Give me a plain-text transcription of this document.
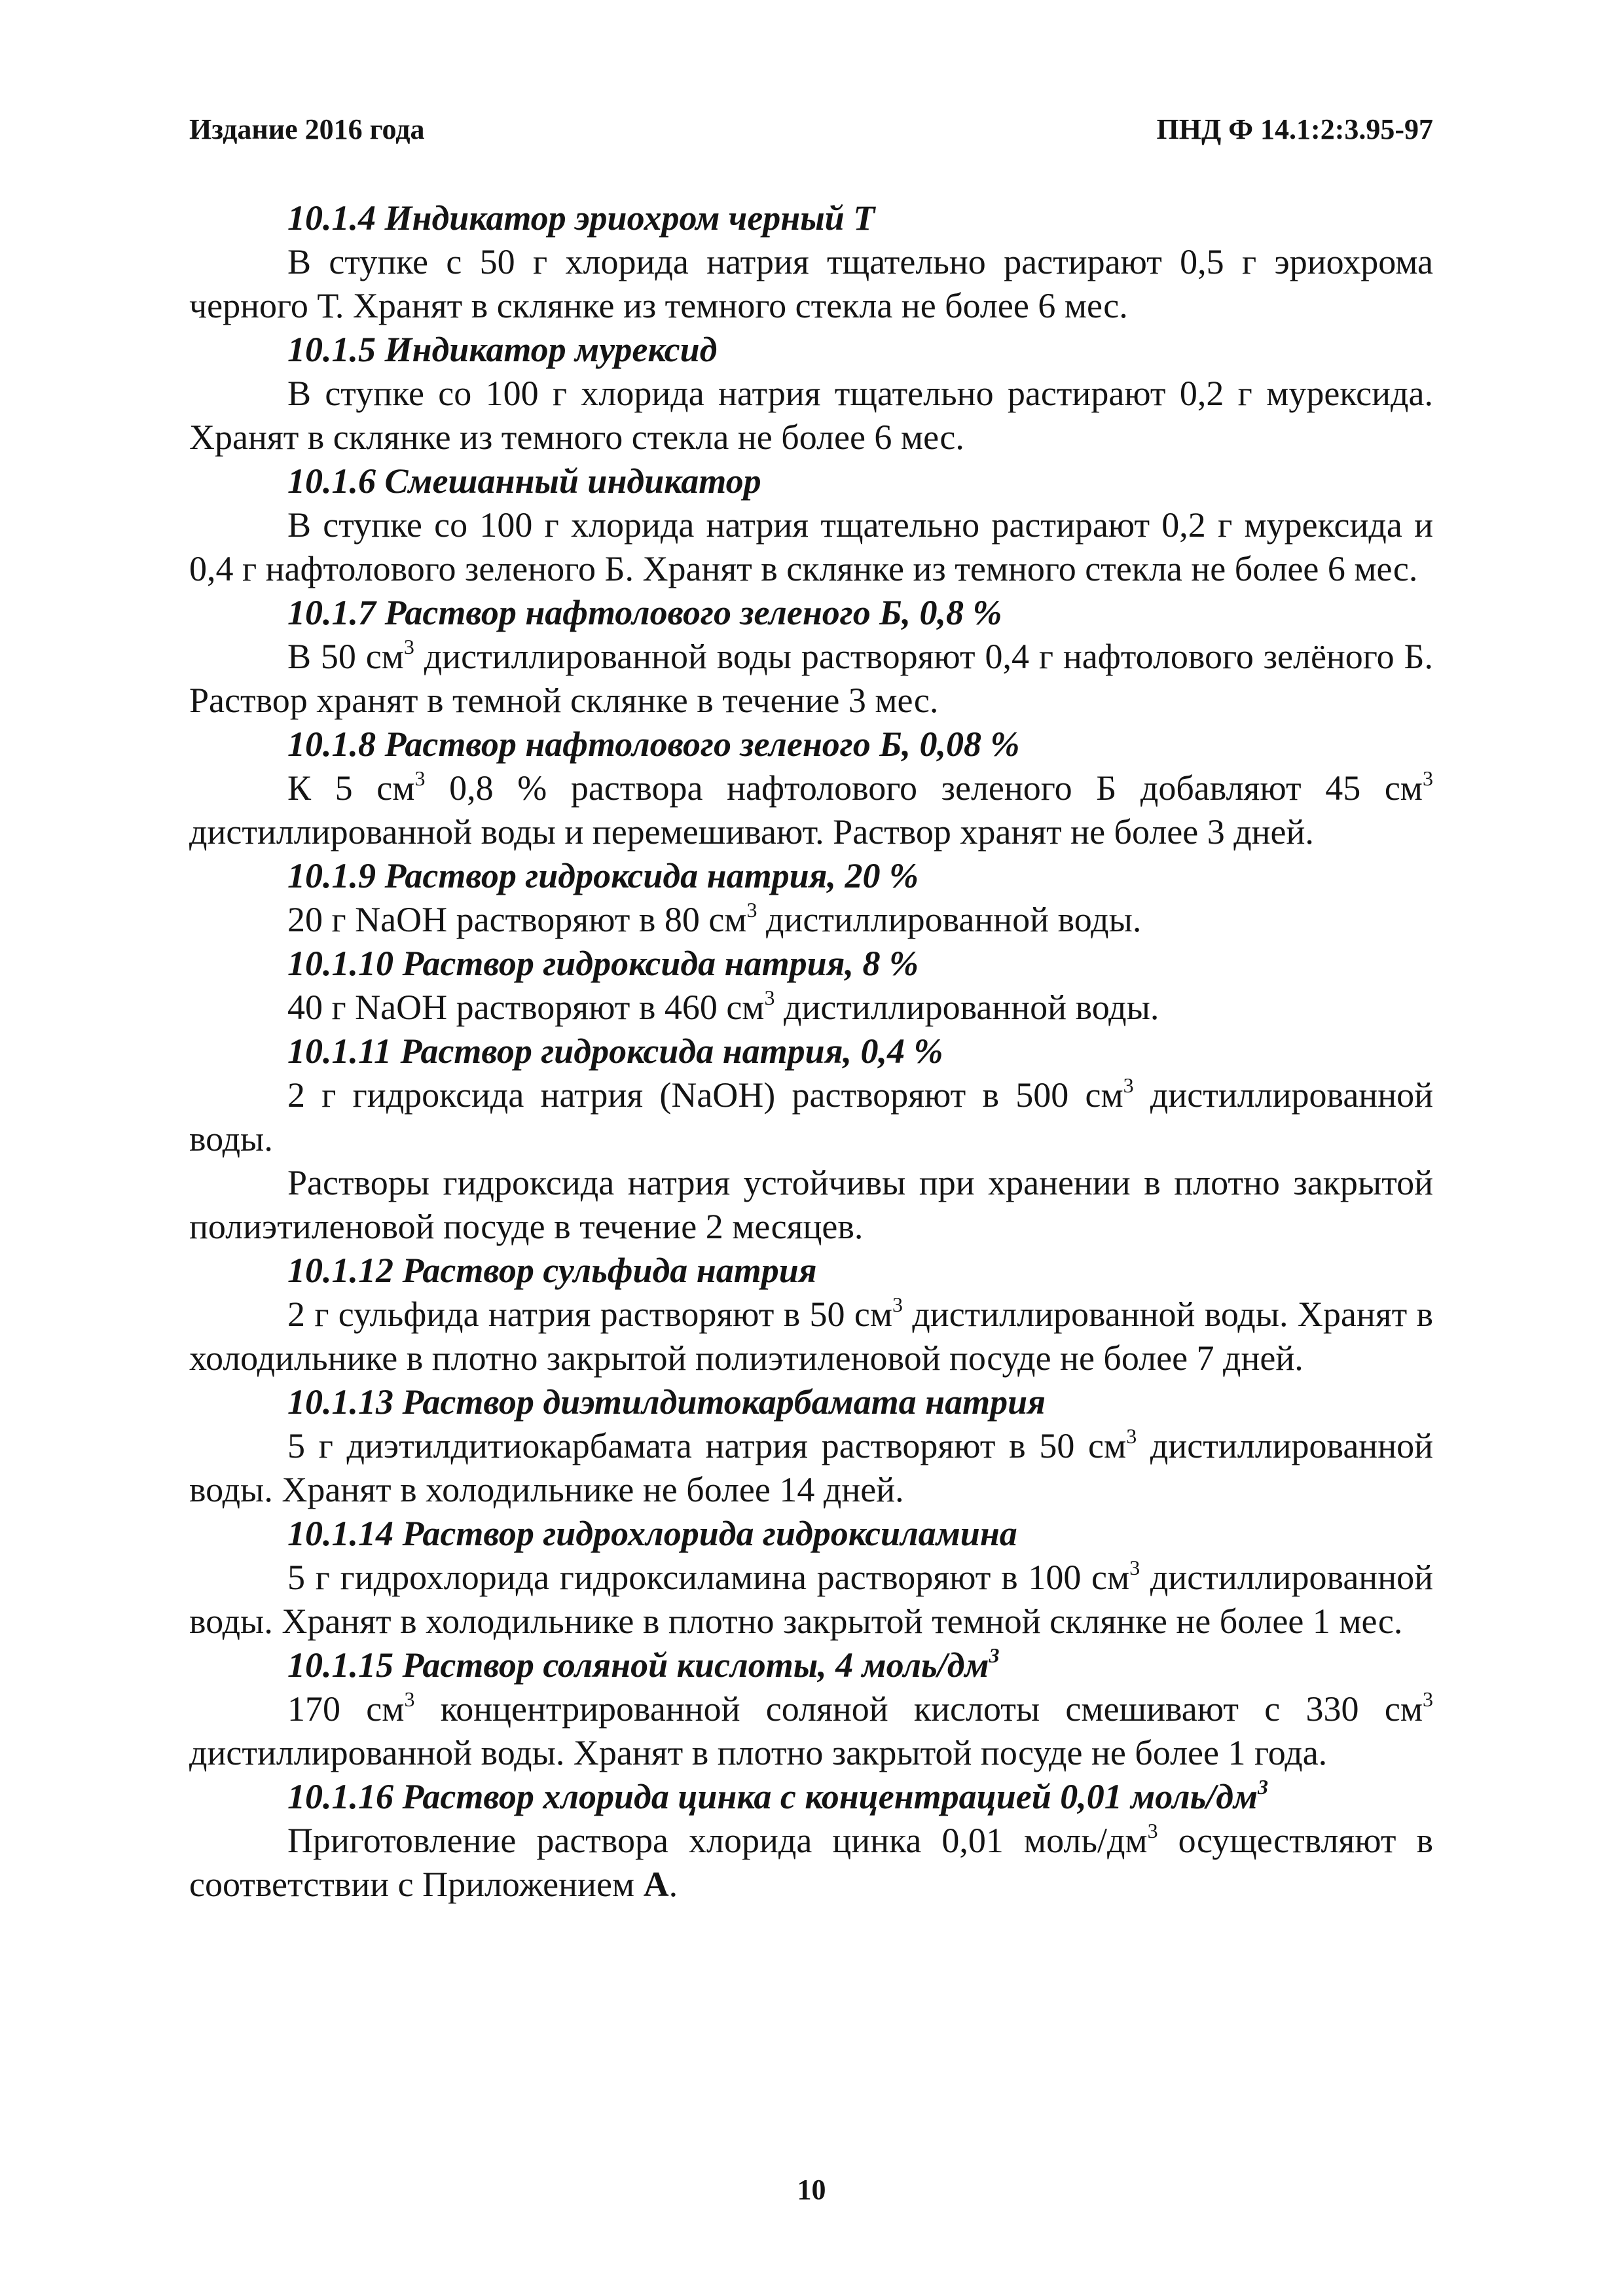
Издание 2016 года	ПНД Ф 14.1:2:3.95-97

10.1.4 Индикатор эриохром черный Т

В ступке с 50 г хлорида натрия тщательно растирают 0,5 г эриохрома черного Т. Хранят в склянке из темного стекла не более 6 мес.

10.1.5 Индикатор мурексид

В ступке со 100 г хлорида натрия тщательно растирают 0,2 г мурексида. Хранят в склянке из темного стекла не более 6 мес.

10.1.6 Смешанный индикатор

В ступке со 100 г хлорида натрия тщательно растирают 0,2 г мурексида и 0,4 г нафтолового зеленого Б. Хранят в склянке из темного стекла не более 6 мес.

10.1.7 Раствор нафтолового зеленого Б, 0,8 %

В 50 $см^3$ дистиллированной воды растворяют 0,4 г нафтолового зелёного Б. Раствор хранят в темной склянке в течение 3 мес.

10.1.8 Раствор нафтолового зеленого Б, 0,08 %

К 5 $см^3$ 0,8 % раствора нафтолового зеленого Б добавляют 45 $см^3$ дистиллированной воды и перемешивают. Раствор хранят не более 3 дней.

10.1.9 Раствор гидроксида натрия, 20 %

20 г NaOH растворяют в 80 $см^3$ дистиллированной воды.

10.1.10 Раствор гидроксида натрия, 8 %

40 г NaOH растворяют в 460 $см^3$ дистиллированной воды.

10.1.11 Раствор гидроксида натрия, 0,4 %

2 г гидроксида натрия (NaOH) растворяют в 500 $см^3$ дистиллированной воды.

Растворы гидроксида натрия устойчивы при хранении в плотно закрытой полиэтиленовой посуде в течение 2 месяцев.

10.1.12 Раствор сульфида натрия

2 г сульфида натрия растворяют в 50 $см^3$ дистиллированной воды. Хранят в холодильнике в плотно закрытой полиэтиленовой посуде не более 7 дней.

10.1.13 Раствор диэтилдитокарбамата натрия

5 г диэтилдитиокарбамата натрия растворяют в 50 $см^3$ дистиллированной воды. Хранят в холодильнике не более 14 дней.

10.1.14 Раствор гидрохлорида гидроксиламина

5 г гидрохлорида гидроксиламина растворяют в 100 $см^3$ дистиллированной воды. Хранят в холодильнике в плотно закрытой темной склянке не более 1 мес.

10.1.15 Раствор соляной кислоты, 4 моль/$дм^3$

170 $см^3$ концентрированной соляной кислоты смешивают с 330 $см^3$ дистиллированной воды. Хранят в плотно закрытой посуде не более 1 года.

10.1.16 Раствор хлорида цинка с концентрацией 0,01 моль/$дм^3$

Приготовление раствора хлорида цинка 0,01 моль/$дм^3$ осуществляют в соответствии с Приложением А.

10
